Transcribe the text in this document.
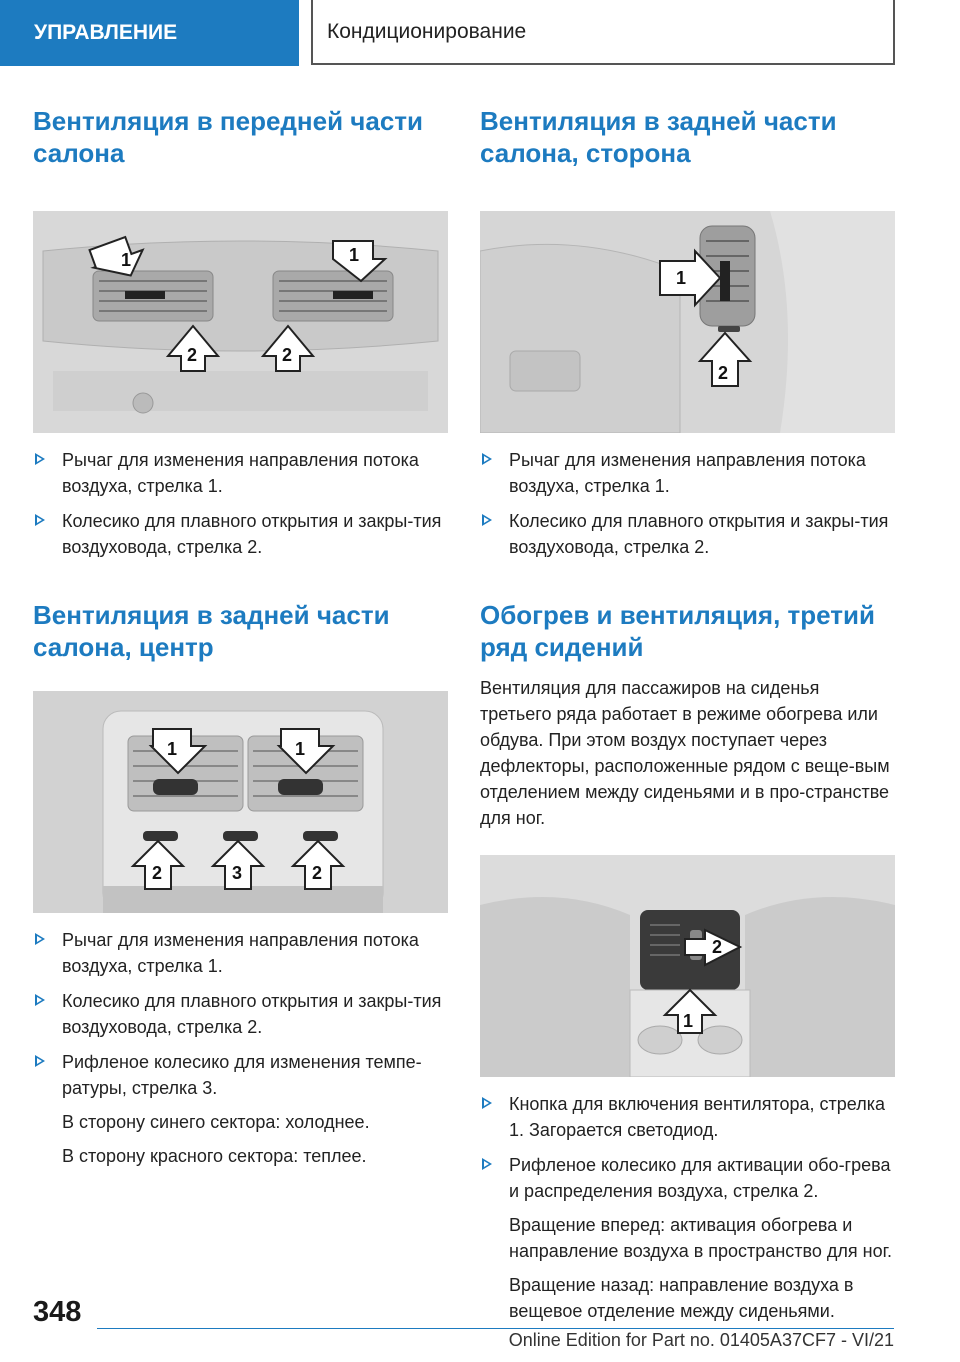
УПРАВЛЕНИЕ	Кондиционирование
Вентиляция в передней части салона
1	1
2	2
Рычаг для изменения направления потока воздуха, стрелка 1.
Колесико для плавного открытия и закры-тия воздуховода, стрелка 2.
Вентиляция в задней части салона, центр
1	1
2	3	2
Рычаг для изменения направления потока воздуха, стрелка 1.
Колесико для плавного открытия и закры-тия воздуховода, стрелка 2.
Рифленое колесико для изменения темпе-ратуры, стрелка 3.
В сторону синего сектора: холоднее.
В сторону красного сектора: теплее.
Вентиляция в задней части салона, сторона
1
2
Рычаг для изменения направления потока воздуха, стрелка 1.
Колесико для плавного открытия и закры-тия воздуховода, стрелка 2.
Обогрев и вентиляция, третий ряд сидений

Вентиляция для пассажиров на сиденья третьего ряда работает в режиме обогрева или обдува. При этом воздух поступает через дефлекторы, расположенные рядом с веще-вым отделением между сиденьями и в про-странстве для ног.

2
1
Кнопка для включения вентилятора, стрелка 1. Загорается светодиод.
Рифленое колесико для активации обо-грева и распределения воздуха, стрелка 2.
Вращение вперед: активация обогрева и направление воздуха в пространство для ног.
Вращение назад: направление воздуха в вещевое отделение между сиденьями.
348
Online Edition for Part no. 01405A37CF7 - VI/21
